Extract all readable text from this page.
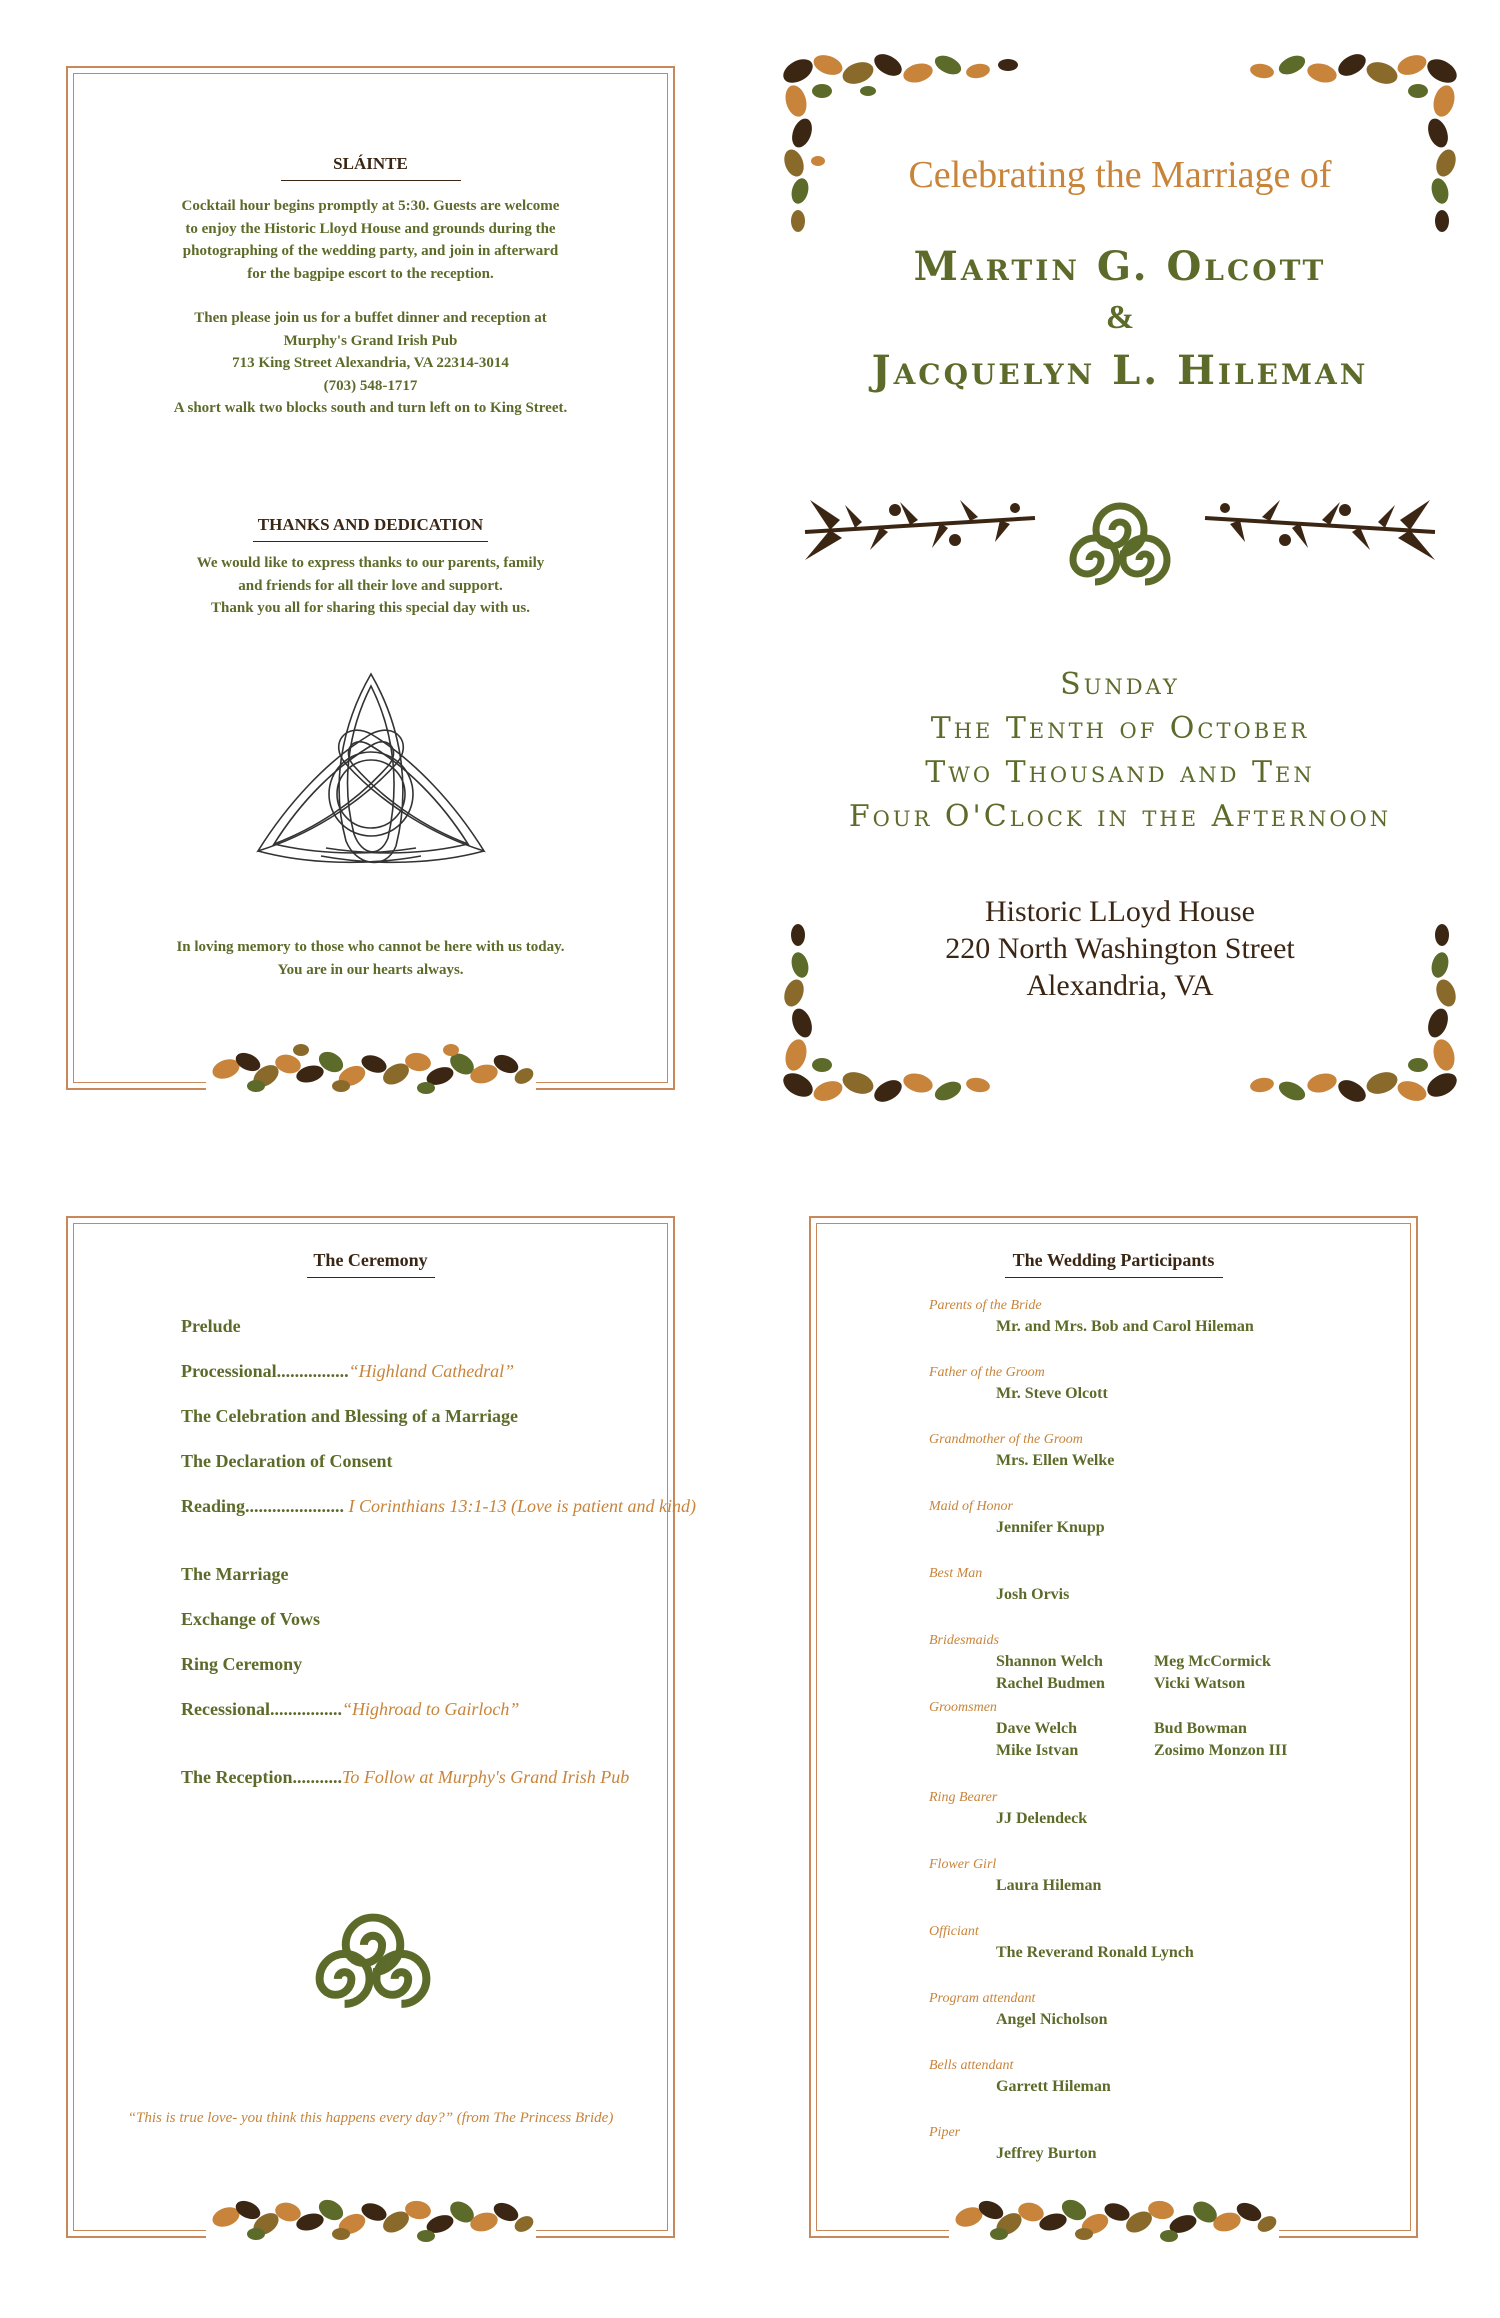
SLÁINTE
Cocktail hour begins promptly at 5:30. Guests are welcome
to enjoy the Historic Lloyd House and grounds during the
photographing of the wedding party, and join in afterward
for the bagpipe escort to the reception.
Then please join us for a buffet dinner and reception at
Murphy's Grand Irish Pub
713 King Street Alexandria, VA 22314-3014
(703) 548-1717
A short walk two blocks south and turn left on to King Street.
THANKS AND DEDICATION
We would like to express thanks to our parents, family
and friends for all their love and support.
Thank you all for sharing this special day with us.
In loving memory to those who cannot be here with us today.
You are in our hearts always.
Celebrating the Marriage of
Martin G. Olcott
&
Jacquelyn L. Hileman
Sunday
The Tenth of October
Two Thousand and Ten
Four O'Clock in the Afternoon
Historic LLoyd House
220 North Washington Street
Alexandria, VA
The Ceremony
Prelude
Processional................“Highland Cathedral”
The Celebration and Blessing of a Marriage
The Declaration of Consent
Reading...................... I Corinthians 13:1-13 (Love is patient and kind)
The Marriage
Exchange of Vows
Ring Ceremony
Recessional................“Highroad to Gairloch”
The Reception...........To Follow at Murphy's Grand Irish Pub
“This is true love- you think this happens every day?” (from The Princess Bride)
The Wedding Participants
Parents of the Bride
Mr. and Mrs. Bob and Carol Hileman
Father of the Groom
Mr. Steve Olcott
Grandmother of the Groom
Mrs. Ellen Welke
Maid of Honor
Jennifer Knupp
Best Man
Josh Orvis
Bridesmaids
Shannon Welch	Meg McCormick
Rachel Budmen	Vicki Watson
Groomsmen
Dave Welch	Bud Bowman
Mike Istvan	Zosimo Monzon III
Ring Bearer
JJ Delendeck
Flower Girl
Laura Hileman
Officiant
The Reverand Ronald Lynch
Program attendant
Angel Nicholson
Bells attendant
Garrett Hileman
Piper
Jeffrey Burton
